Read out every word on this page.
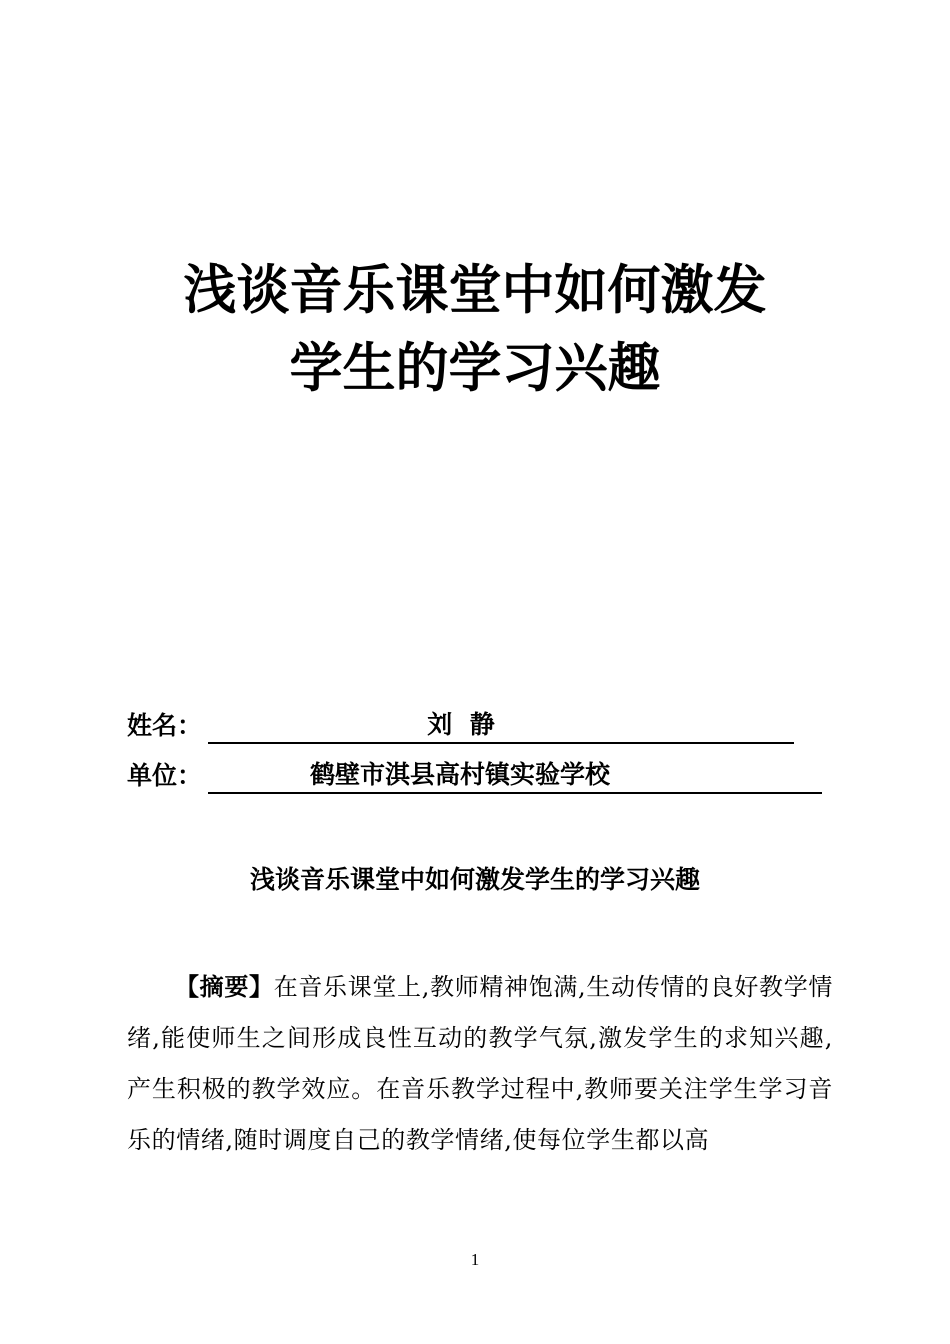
浅谈音乐课堂中如何激发
学生的学习兴趣
姓名：	刘  静
单位：	鹤壁市淇县高村镇实验学校
浅谈音乐课堂中如何激发学生的学习兴趣

【摘要】在音乐课堂上,教师精神饱满,生动传情的良好教学情绪,能使师生之间形成良性互动的教学气氛,激发学生的求知兴趣,产生积极的教学效应。在音乐教学过程中,教师要关注学生学习音乐的情绪,随时调度自己的教学情绪,使每位学生都以高

1
